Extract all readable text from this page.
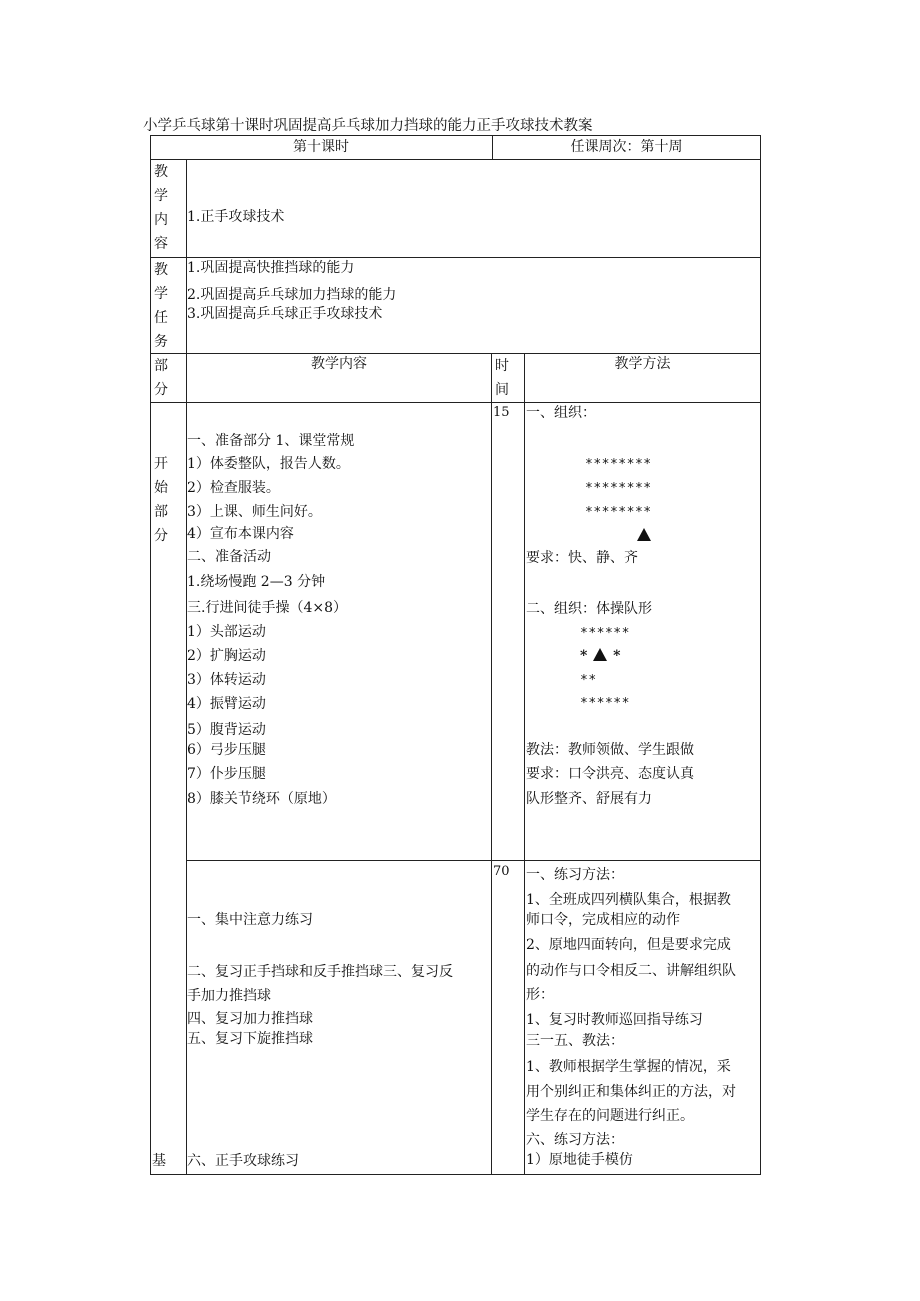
小学乒乓球第十课时巩固提高乒乓球加力挡球的能力正手攻球技术教案
第十课时	任课周次：第十周
教
学
内
容
1.正手攻球技术
教
学
任
务
1.巩固提高快推挡球的能力
2.巩固提高乒乓球加力挡球的能力
3.巩固提高乒乓球正手攻球技术
部
分
教学内容	时
间
教学方法
开
始
部
分
15
一、准备部分 1、课堂常规
1）体委整队，报告人数。
2）检查服装。
3）上课、师生问好。
4）宣布本课内容
二、准备活动
1.绕场慢跑 2—3 分钟
三.行进间徒手操（4×8）
1）头部运动
2）扩胸运动
3）体转运动
4）振臂运动
5）腹背运动
6）弓步压腿
7）仆步压腿
8）膝关节绕环（原地）
一、组织：
********
********
********
要求：快、静、齐
二、组织：体操队形
******
* *
**
******
教法：教师领做、学生跟做
要求：口令洪亮、态度认真
队形整齐、舒展有力
基
70
一、集中注意力练习
二、复习正手挡球和反手推挡球三、复习反
手加力推挡球
四、复习加力推挡球
五、复习下旋推挡球
六、正手攻球练习
一、练习方法：
1、全班成四列横队集合，根据教
师口令，完成相应的动作
2、原地四面转向，但是要求完成
的动作与口令相反二、讲解组织队
形：
1、复习时教师巡回指导练习
三一五、教法：
1、教师根据学生掌握的情况，采
用个别纠正和集体纠正的方法，对
学生存在的问题进行纠正。
六、练习方法：
1）原地徒手模仿
